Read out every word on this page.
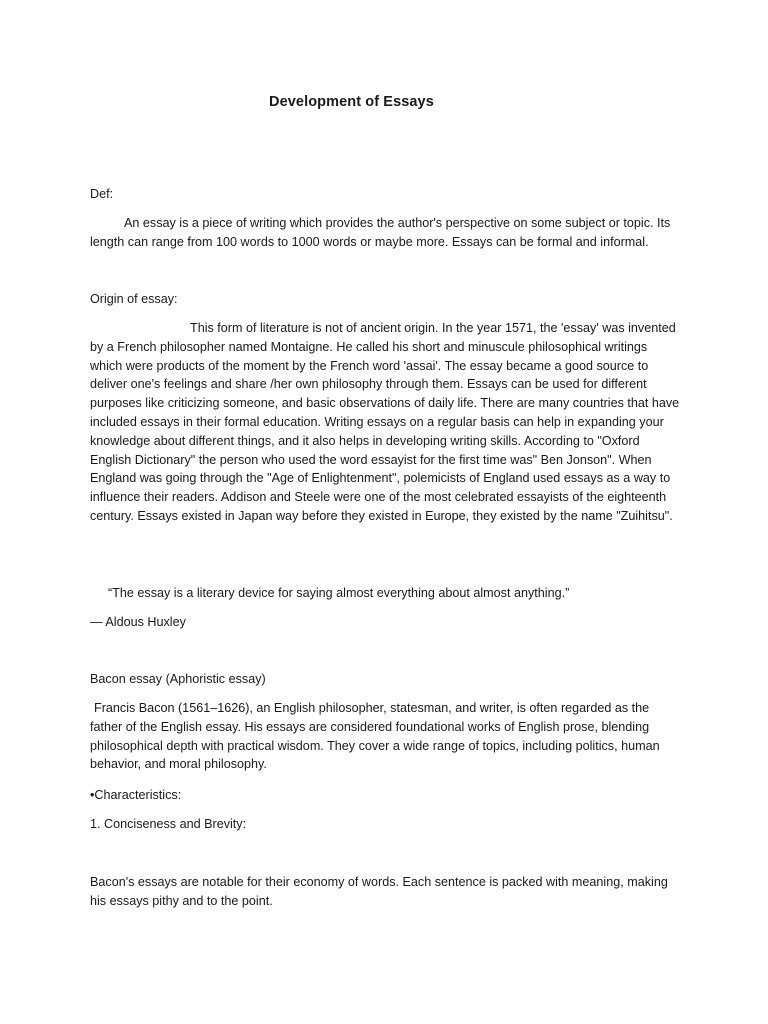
Development of Essays

Def:

An essay is a piece of writing which provides the author's perspective on some subject or topic. Its length can range from 100 words to 1000 words or maybe more. Essays can be formal and informal.

Origin of essay:

This form of literature is not of ancient origin. In the year 1571, the 'essay' was invented by a French philosopher named Montaigne. He called his short and minuscule philosophical writings which were products of the moment by the French word 'assai'. The essay became a good source to deliver one's feelings and share /her own philosophy through them. Essays can be used for different purposes like criticizing someone, and basic observations of daily life. There are many countries that have included essays in their formal education. Writing essays on a regular basis can help in expanding your knowledge about different things, and it also helps in developing writing skills. According to "Oxford English Dictionary" the person who used the word essayist for the first time was" Ben Jonson". When England was going through the "Age of Enlightenment", polemicists of England used essays as a way to influence their readers. Addison and Steele were one of the most celebrated essayists of the eighteenth century. Essays existed in Japan way before they existed in Europe, they existed by the name "Zuihitsu".

“The essay is a literary device for saying almost everything about almost anything.”

— Aldous Huxley

Bacon essay (Aphoristic essay)

Francis Bacon (1561–1626), an English philosopher, statesman, and writer, is often regarded as the father of the English essay. His essays are considered foundational works of English prose, blending philosophical depth with practical wisdom. They cover a wide range of topics, including politics, human behavior, and moral philosophy.

•Characteristics:

1. Conciseness and Brevity:

Bacon's essays are notable for their economy of words. Each sentence is packed with meaning, making his essays pithy and to the point.
